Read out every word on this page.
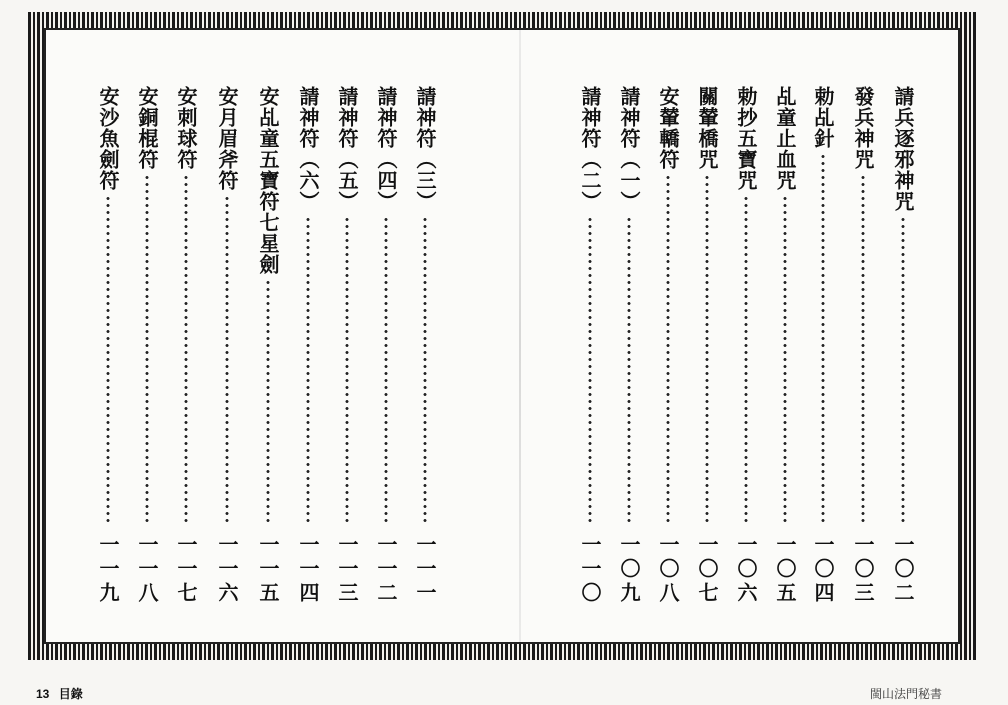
請兵逐邪神咒
一〇二
發兵神咒
一〇三
勅乩針
一〇四
乩童止血咒
一〇五
勅抄五寶咒
一〇六
關輦橋咒
一〇七
安輦轎符
一〇八
請神符︵一︶
一〇九
請神符︵二︶
一一〇
請神符︵三︶
一一一
請神符︵四︶
一一二
請神符︵五︶
一一三
請神符︵六︶
一一四
安乩童五寶符七星劍
一一五
安月眉斧符
一一六
安刺球符
一一七
安銅棍符
一一八
安沙魚劍符
一一九
13 目錄	閩山法門秘書
